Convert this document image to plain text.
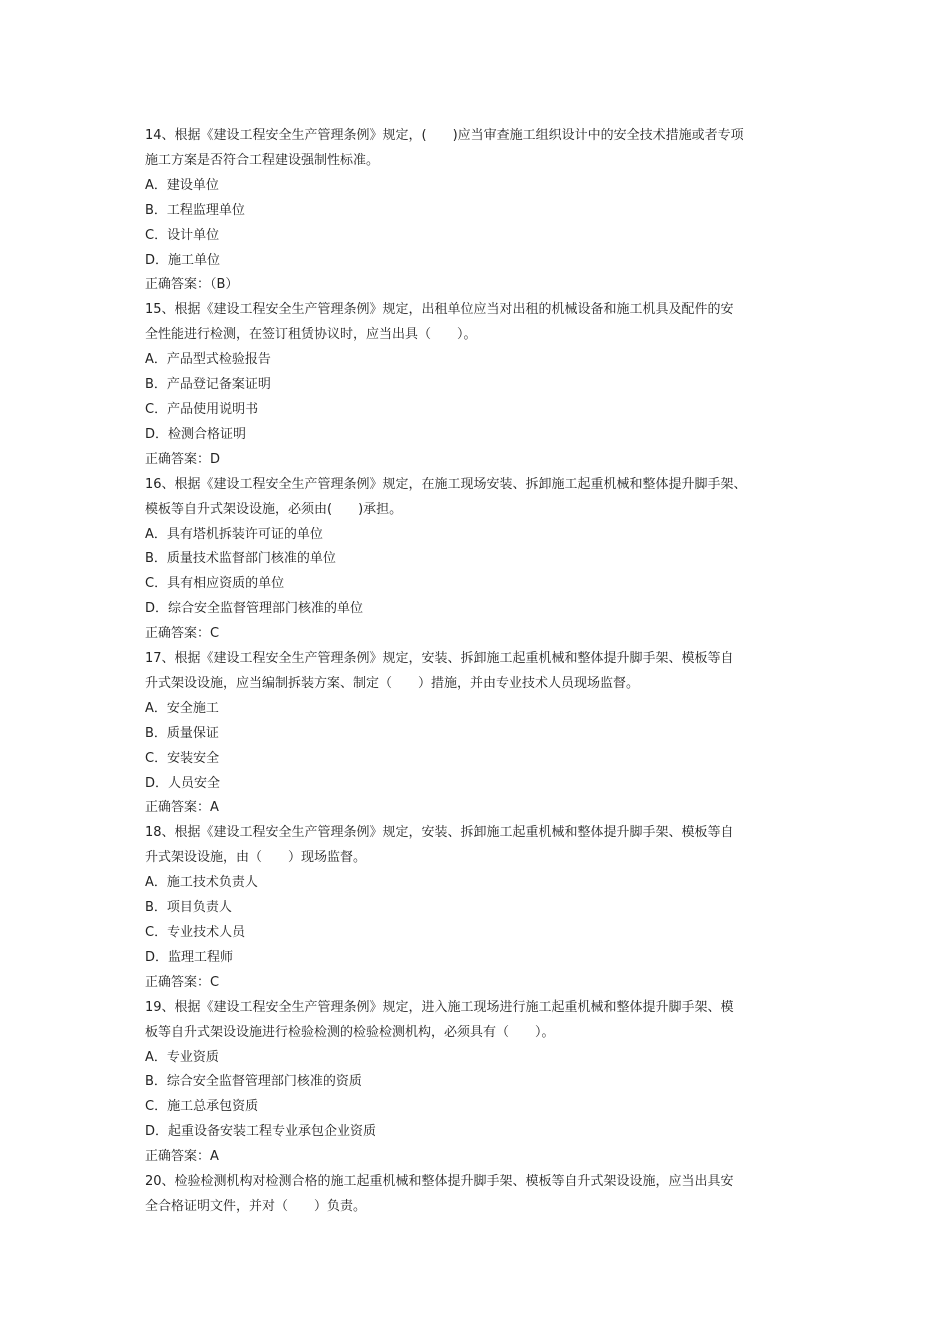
14、根据《建设工程安全生产管理条例》规定，(　　)应当审查施工组织设计中的安全技术措施或者专项
施工方案是否符合工程建设强制性标准。
A．建设单位
B．工程监理单位
C．设计单位
D．施工单位
正确答案：（B）
15、根据《建设工程安全生产管理条例》规定，出租单位应当对出租的机械设备和施工机具及配件的安
全性能进行检测，在签订租赁协议时，应当出具（　　）。
A．产品型式检验报告
B．产品登记备案证明
C．产品使用说明书
D．检测合格证明
正确答案：D
16、根据《建设工程安全生产管理条例》规定，在施工现场安装、拆卸施工起重机械和整体提升脚手架、
模板等自升式架设设施，必须由(　　)承担。
A．具有塔机拆装许可证的单位
B．质量技术监督部门核准的单位
C．具有相应资质的单位
D．综合安全监督管理部门核准的单位
正确答案：C
17、根据《建设工程安全生产管理条例》规定，安装、拆卸施工起重机械和整体提升脚手架、模板等自
升式架设设施，应当编制拆装方案、制定（　　）措施，并由专业技术人员现场监督。
A．安全施工
B．质量保证
C．安装安全
D．人员安全
正确答案：A
18、根据《建设工程安全生产管理条例》规定，安装、拆卸施工起重机械和整体提升脚手架、模板等自
升式架设设施，由（　　）现场监督。
A．施工技术负责人
B．项目负责人
C．专业技术人员
D．监理工程师
正确答案：C
19、根据《建设工程安全生产管理条例》规定，进入施工现场进行施工起重机械和整体提升脚手架、模
板等自升式架设设施进行检验检测的检验检测机构，必须具有（　　）。
A．专业资质
B．综合安全监督管理部门核准的资质
C．施工总承包资质
D．起重设备安装工程专业承包企业资质
正确答案：A
20、检验检测机构对检测合格的施工起重机械和整体提升脚手架、模板等自升式架设设施，应当出具安
全合格证明文件，并对（　　）负责。
